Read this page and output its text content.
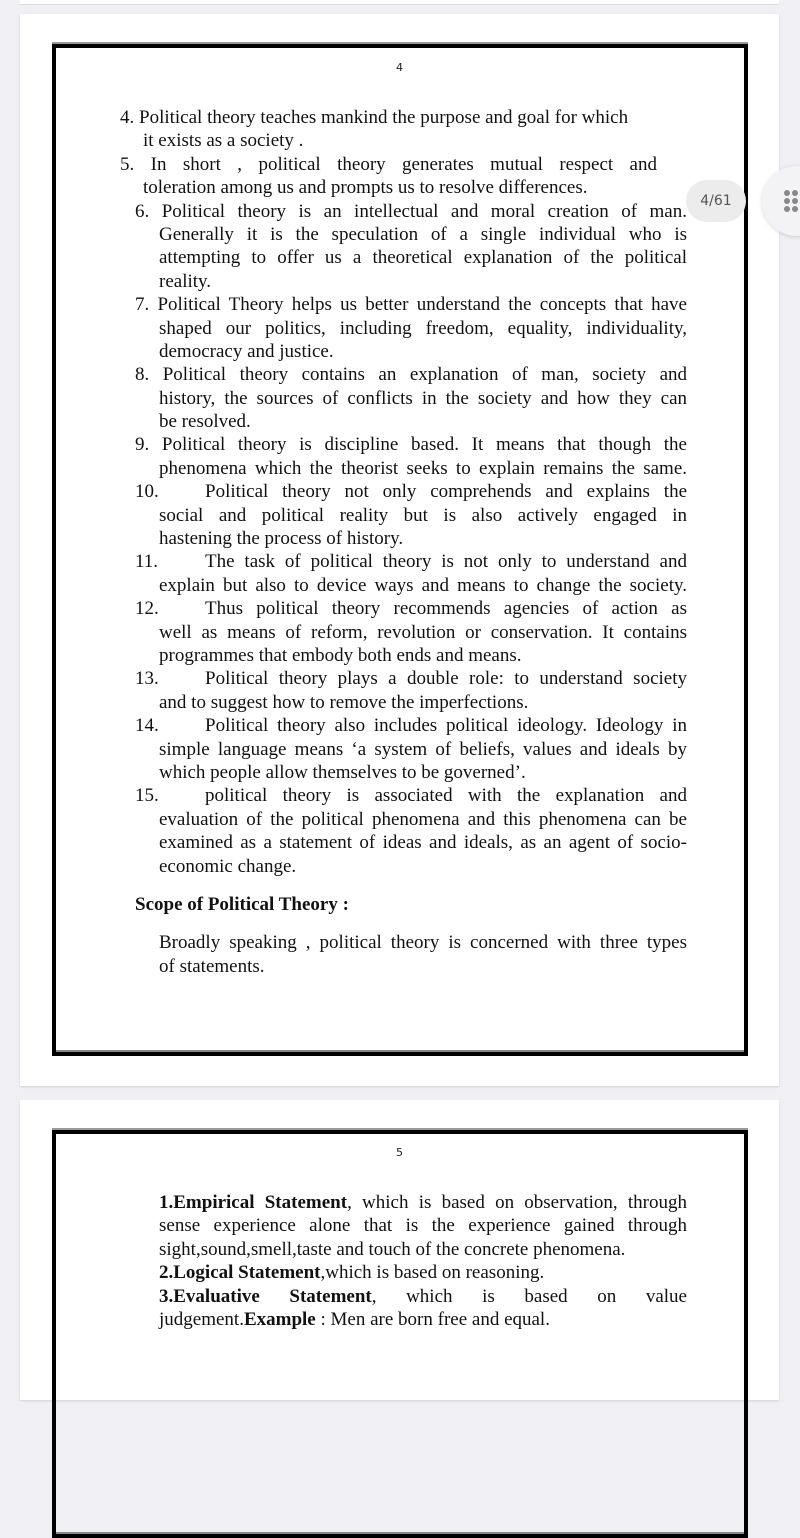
4
4. Political theory teaches mankind the purpose and goal for which
it exists as a society .
5. In short , political theory generates mutual respect and
toleration among us and prompts us to resolve differences.
6. Political theory is an intellectual and moral creation of man.
Generally it is the speculation of a single individual who is
attempting to offer us a theoretical explanation of the political
reality.
7. Political Theory helps us better understand the concepts that have
shaped our politics, including freedom, equality, individuality,
democracy and justice.
8. Political theory contains an explanation of man, society and
history, the sources of conflicts in the society and how they can
be resolved.
9. Political theory is discipline based. It means that though the
phenomena which the theorist seeks to explain remains the same.
10.	Political theory not only comprehends and explains the
social and political reality but is also actively engaged in
hastening the process of history.
11.	The task of political theory is not only to understand and
explain but also to device ways and means to change the society.
12.	Thus political theory recommends agencies of action as
well as means of reform, revolution or conservation. It contains
programmes that embody both ends and means.
13.	Political theory plays a double role: to understand society
and to suggest how to remove the imperfections.
14.	Political theory also includes political ideology. Ideology in
simple language means ‘a system of beliefs, values and ideals by
which people allow themselves to be governed’.
15.	political theory is associated with the explanation and
evaluation of the political phenomena and this phenomena can be
examined as a statement of ideas and ideals, as an agent of socio-
economic change.
Scope of Political Theory :
Broadly speaking , political theory is concerned with three types
of statements.
5
1.Empirical Statement, which is based on observation, through
sense experience alone that is the experience gained through
sight,sound,smell,taste and touch of the concrete phenomena.
2.Logical Statement,which is based on reasoning.
3.Evaluative Statement, which is based on value
judgement.Example : Men are born free and equal.
4/61
